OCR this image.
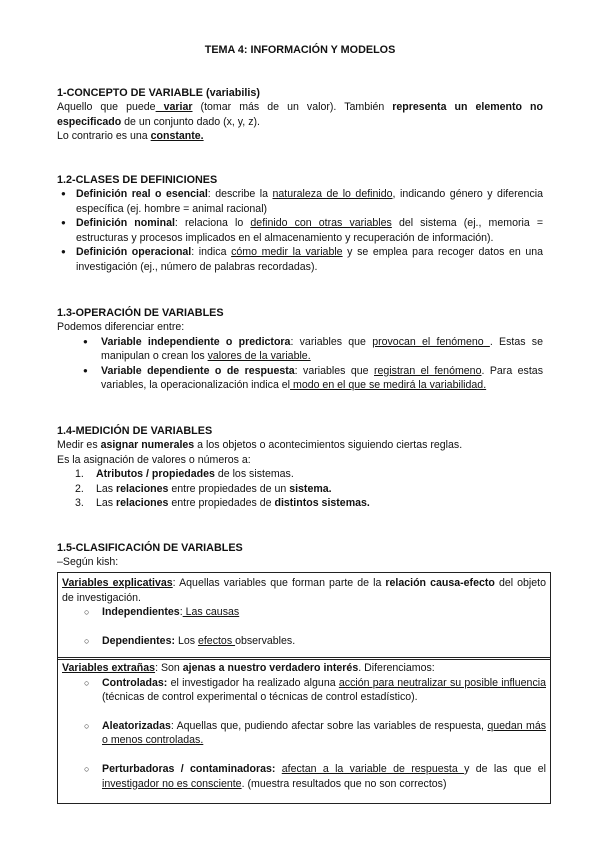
TEMA 4: INFORMACIÓN Y MODELOS
1-CONCEPTO DE VARIABLE (variabilis)

Aquello que puede variar (tomar más de un valor). También representa un elemento no especificado de un conjunto dado (x, y, z).

Lo contrario es una constante.

1.2-CLASES DE DEFINICIONES
● Definición real o esencial: describe la naturaleza de lo definido, indicando género y diferencia específica (ej. hombre = animal racional)
● Definición nominal: relaciona lo definido con otras variables del sistema (ej., memoria = estructuras y procesos implicados en el almacenamiento y recuperación de información).
● Definición operacional: indica cómo medir la variable y se emplea para recoger datos en una investigación (ej., número de palabras recordadas).
1.3-OPERACIÓN DE VARIABLES

Podemos diferenciar entre:

● Variable independiente o predictora: variables que provocan el fenómeno . Estas se manipulan o crean los valores de la variable.
● Variable dependiente o de respuesta: variables que registran el fenómeno. Para estas variables, la operacionalización indica el modo en el que se medirá la variabilidad.
1.4-MEDICIÓN DE VARIABLES

Medir es asignar numerales a los objetos o acontecimientos siguiendo ciertas reglas.

Es la asignación de valores o números a:

1. Atributos / propiedades de los sistemas.
2. Las relaciones entre propiedades de un sistema.
3. Las relaciones entre propiedades de distintos sistemas.
1.5-CLASIFICACIÓN DE VARIABLES

–Según kish:

Variables explicativas: Aquellas variables que forman parte de la relación causa-efecto del objeto de investigación.

○ Independientes: Las causas
○ Dependientes: Los efectos observables.

Variables extrañas: Son ajenas a nuestro verdadero interés. Diferenciamos:

○ Controladas: el investigador ha realizado alguna acción para neutralizar su posible influencia (técnicas de control experimental o técnicas de control estadístico).
○ Aleatorizadas: Aquellas que, pudiendo afectar sobre las variables de respuesta, quedan más o menos controladas.
○ Perturbadoras / contaminadoras: afectan a la variable de respuesta y de las que el investigador no es consciente. (muestra resultados que no son correctos)
